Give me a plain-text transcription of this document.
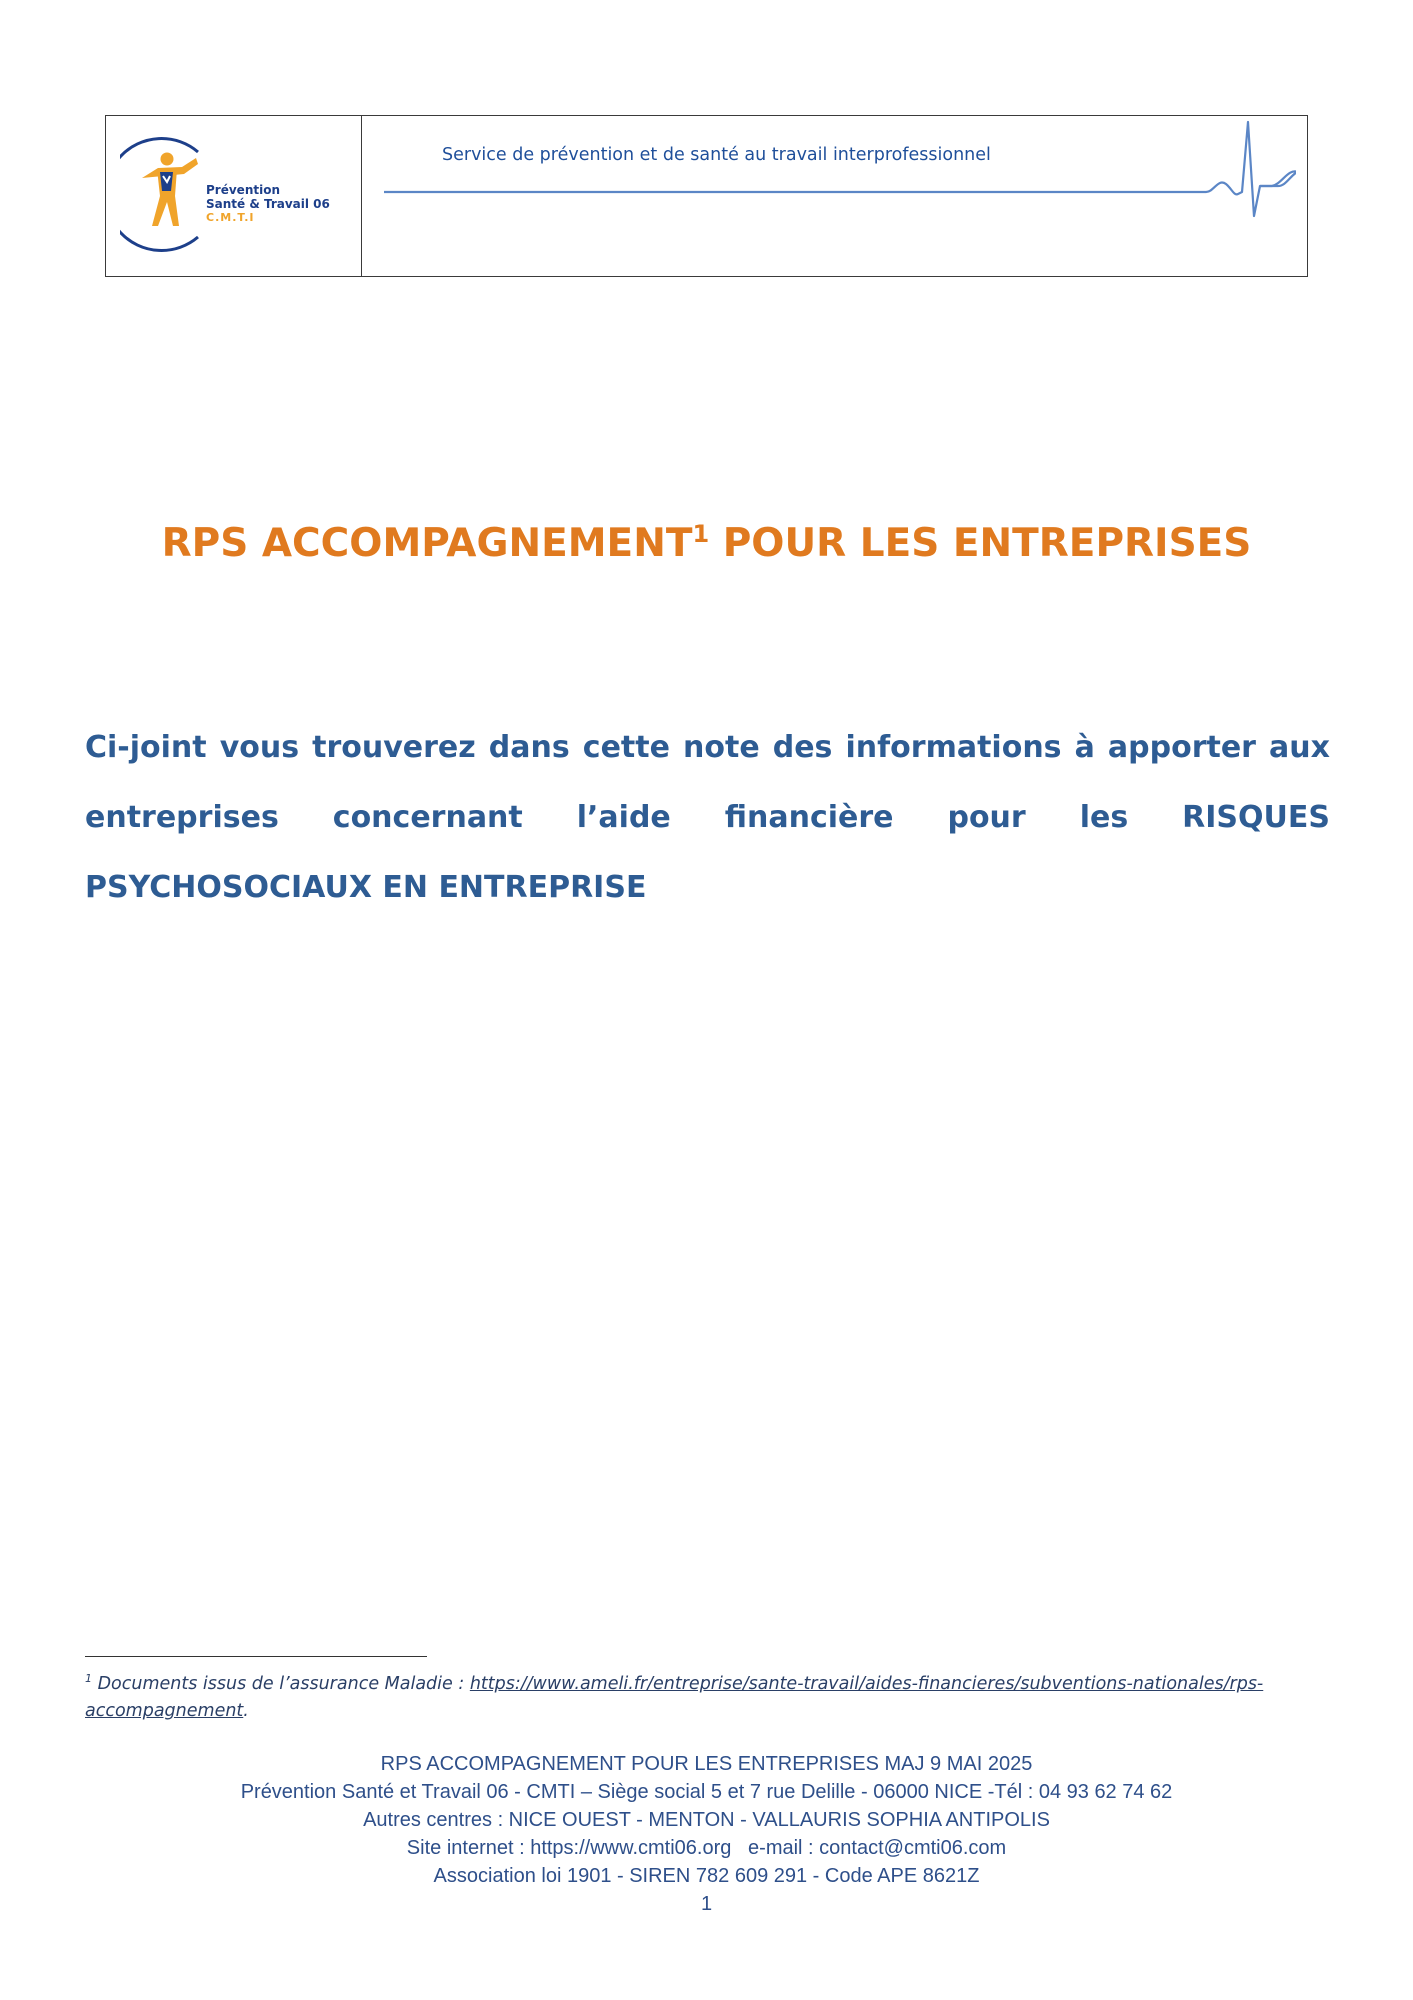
Prévention
Santé & Travail 06
C.M.T.I
Service de prévention et de santé au travail interprofessionnel
RPS ACCOMPAGNEMENT$^1$ POUR LES ENTREPRISES

Ci-joint vous trouverez dans cette note des informations à apporter aux entreprises concernant l’aide financière pour les RISQUES PSYCHOSOCIAUX EN ENTREPRISE

$^1$ Documents issus de l’assurance Maladie : https://www.ameli.fr/entreprise/sante-travail/aides-financieres/subventions-nationales/rps-accompagnement.

RPS ACCOMPAGNEMENT POUR LES ENTREPRISES MAJ 9 MAI 2025
Prévention Santé et Travail 06 - CMTI – Siège social 5 et 7 rue Delille - 06000 NICE -Tél : 04 93 62 74 62
Autres centres : NICE OUEST - MENTON - VALLAURIS SOPHIA ANTIPOLIS
Site internet : https://www.cmti06.org   e-mail : contact@cmti06.com
Association loi 1901 - SIREN 782 609 291 - Code APE 8621Z
1
